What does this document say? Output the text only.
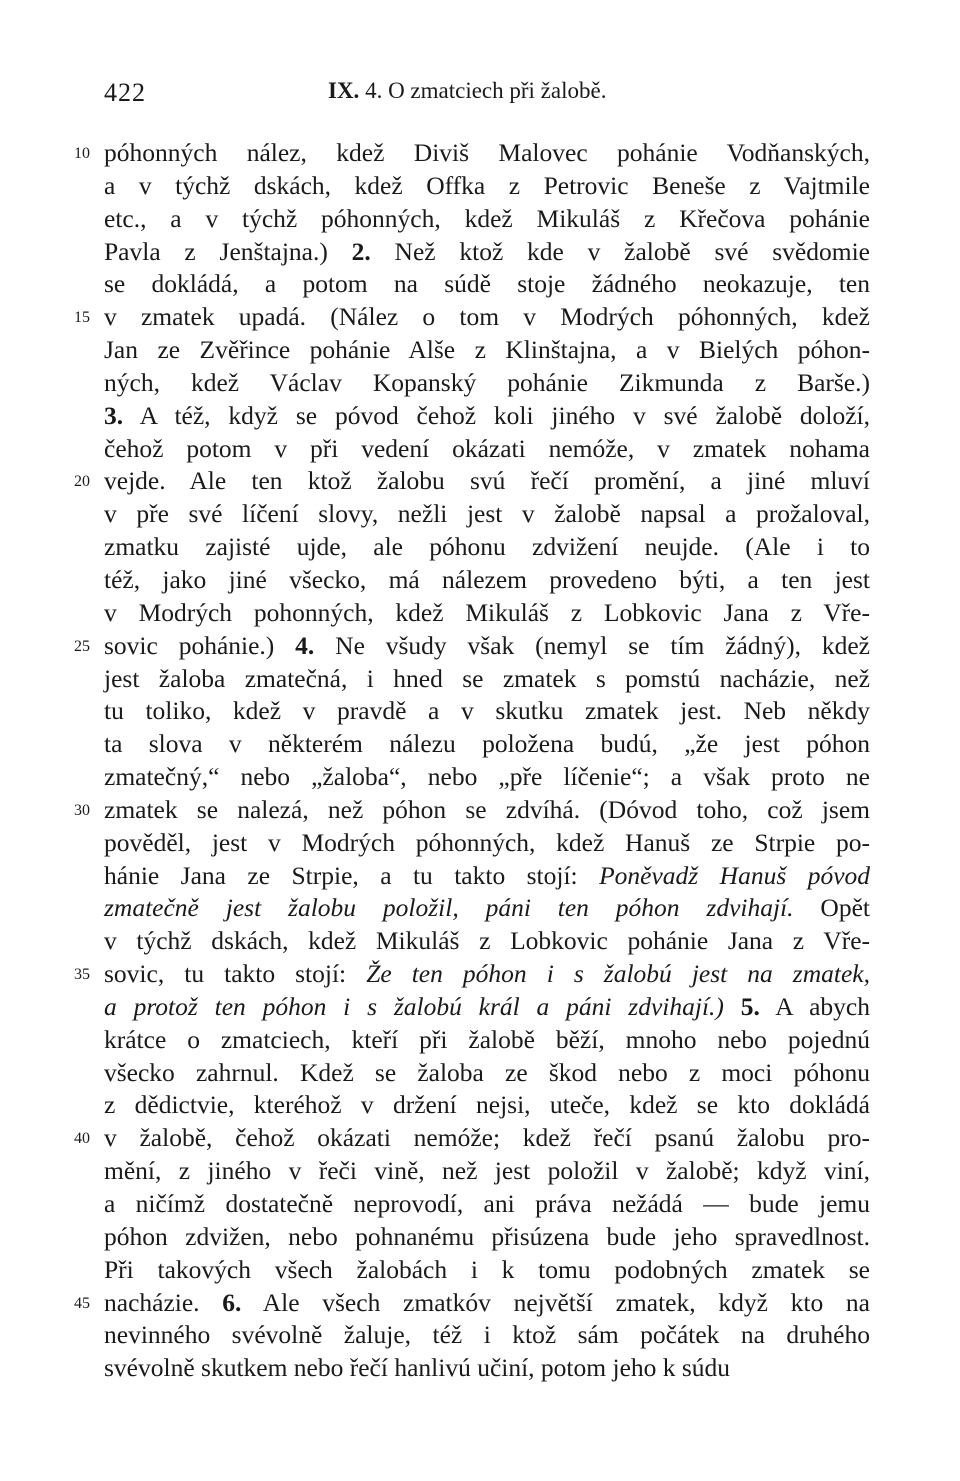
422	IX. 4. O zmatciech při žalobě.
10 póhonných nález, kdež Diviš Malovec pohánie Vodňanských,
a v týchž dskách, kdež Offka z Petrovic Beneše z Vajtmile
etc., a v týchž póhonných, kdež Mikuláš z Křečova pohánie
Pavla z Jenštajna.) 2. Než ktož kde v žalobě své svědomie
se dokládá, a potom na súdě stoje žádného neokazuje, ten
15 v zmatek upadá. (Nález o tom v Modrých póhonných, kdež
Jan ze Zvěřince pohánie Alše z Klinštajna, a v Bielých póhon-
ných, kdež Václav Kopanský pohánie Zikmunda z Barše.)
3. A též, když se póvod čehož koli jiného v své žalobě doloží,
čehož potom v při vedení okázati nemóže, v zmatek nohama
20 vejde. Ale ten ktož žalobu svú řečí promění, a jiné mluví
v pře své líčení slovy, nežli jest v žalobě napsal a prožaloval,
zmatku zajisté ujde, ale póhonu zdvižení neujde. (Ale i to
též, jako jiné všecko, má nálezem provedeno býti, a ten jest
v Modrých pohonných, kdež Mikuláš z Lobkovic Jana z Vře-
25 sovic pohánie.) 4. Ne všudy však (nemyl se tím žádný), kdež
jest žaloba zmatečná, i hned se zmatek s pomstú nacházie, než
tu toliko, kdež v pravdě a v skutku zmatek jest. Neb někdy
ta slova v některém nálezu položena budú, „že jest póhon
zmatečný,“ nebo „žaloba“, nebo „pře líčenie“; a však proto ne
30 zmatek se nalezá, než póhon se zdvíhá. (Dóvod toho, což jsem
pověděl, jest v Modrých póhonných, kdež Hanuš ze Strpie po-
hánie Jana ze Strpie, a tu takto stojí: Poněvadž Hanuš póvod
zmatečně jest žalobu položil, páni ten póhon zdvihají. Opět
v týchž dskách, kdež Mikuláš z Lobkovic pohánie Jana z Vře-
35 sovic, tu takto stojí: Že ten póhon i s žalobú jest na zmatek,
a protož ten póhon i s žalobú král a páni zdvihají.) 5. A abych
krátce o zmatciech, kteří při žalobě běží, mnoho nebo pojednú
všecko zahrnul. Kdež se žaloba ze škod nebo z moci póhonu
z dědictvie, kteréhož v držení nejsi, uteče, kdež se kto dokládá
40 v žalobě, čehož okázati nemóže; kdež řečí psanú žalobu pro-
mění, z jiného v řeči vině, než jest položil v žalobě; když viní,
a ničímž dostatečně neprovodí, ani práva nežádá — bude jemu
póhon zdvižen, nebo pohnanému přisúzena bude jeho spravedlnost.
Při takových všech žalobách i k tomu podobných zmatek se
45 nacházie. 6. Ale všech zmatkóv největší zmatek, když kto na
nevinného svévolně žaluje, též i ktož sám počátek na druhého
svévolně skutkem nebo řečí hanlivú učiní, potom jeho k súdu
